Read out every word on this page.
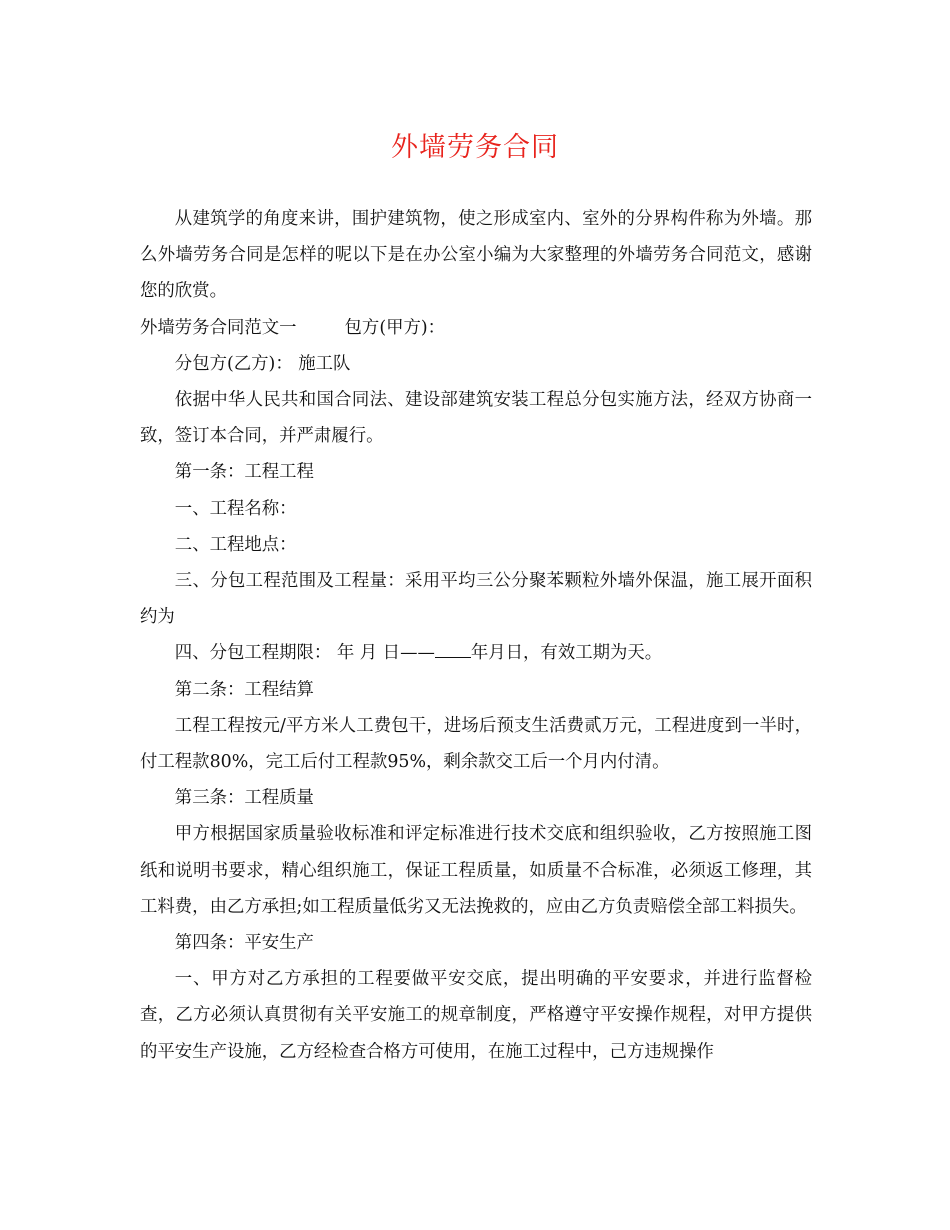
外墙劳务合同

从建筑学的角度来讲，围护建筑物，使之形成室内、室外的分界构件称为外墙。那么外墙劳务合同是怎样的呢以下是在办公室小编为大家整理的外墙劳务合同范文，感谢您的欣赏。

外墙劳务合同范文一	包方(甲方)：

分包方(乙方)： 施工队

依据中华人民共和国合同法、建设部建筑安装工程总分包实施方法，经双方协商一致，签订本合同，并严肃履行。

第一条：工程工程

一、工程名称：

二、工程地点：

三、分包工程范围及工程量：采用平均三公分聚苯颗粒外墙外保温，施工展开面积约为

四、分包工程期限： 年 月 日—— 年月日，有效工期为天。

第二条：工程结算

工程工程按元/平方米人工费包干，进场后预支生活费贰万元，工程进度到一半时，付工程款80%，完工后付工程款95%，剩余款交工后一个月内付清。

第三条：工程质量

甲方根据国家质量验收标准和评定标准进行技术交底和组织验收，乙方按照施工图纸和说明书要求，精心组织施工，保证工程质量，如质量不合标准，必须返工修理，其工料费，由乙方承担;如工程质量低劣又无法挽救的，应由乙方负责赔偿全部工料损失。

第四条：平安生产

一、甲方对乙方承担的工程要做平安交底，提出明确的平安要求，并进行监督检查，乙方必须认真贯彻有关平安施工的规章制度，严格遵守平安操作规程，对甲方提供的平安生产设施，乙方经检查合格方可使用，在施工过程中，己方违规操作
